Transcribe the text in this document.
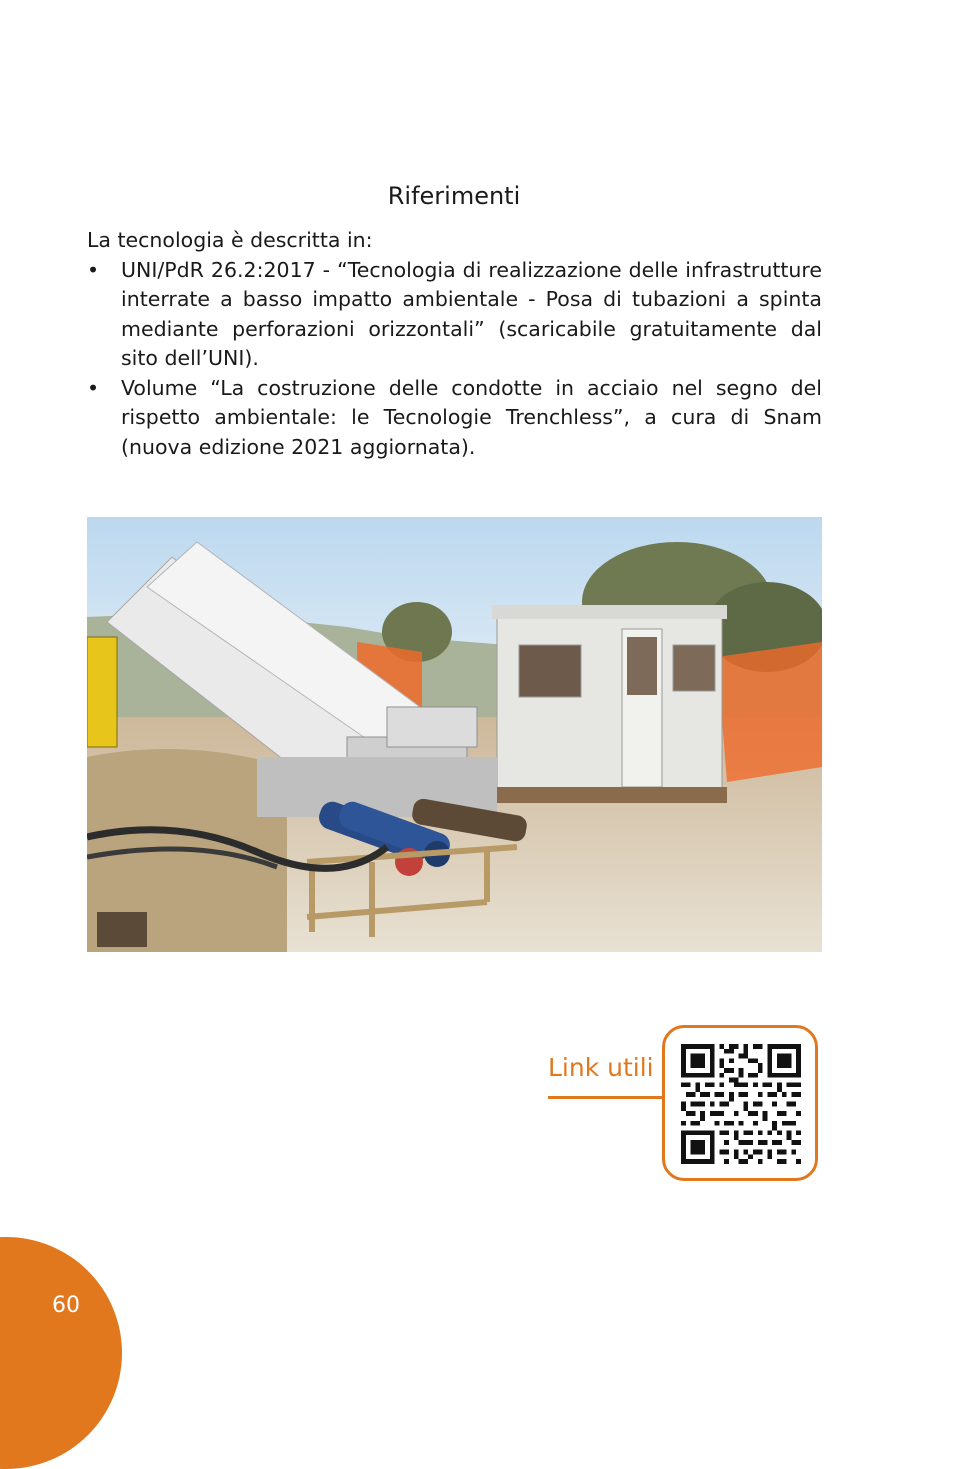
Riferimenti
La tecnologia è descritta in:
• UNI/PdR 26.2:2017 - “Tecnologia di realizzazione delle infrastrutture interrate a basso impatto ambientale - Posa di tubazioni a spinta mediante perforazioni orizzontali” (scaricabile gratuitamente dal sito dell’UNI).
• Volume “La costruzione delle condotte in acciaio nel segno del rispetto ambientale: le Tecnologie Trenchless”, a cura di Snam (nuova edizione 2021 aggiornata).
Link utili
60
